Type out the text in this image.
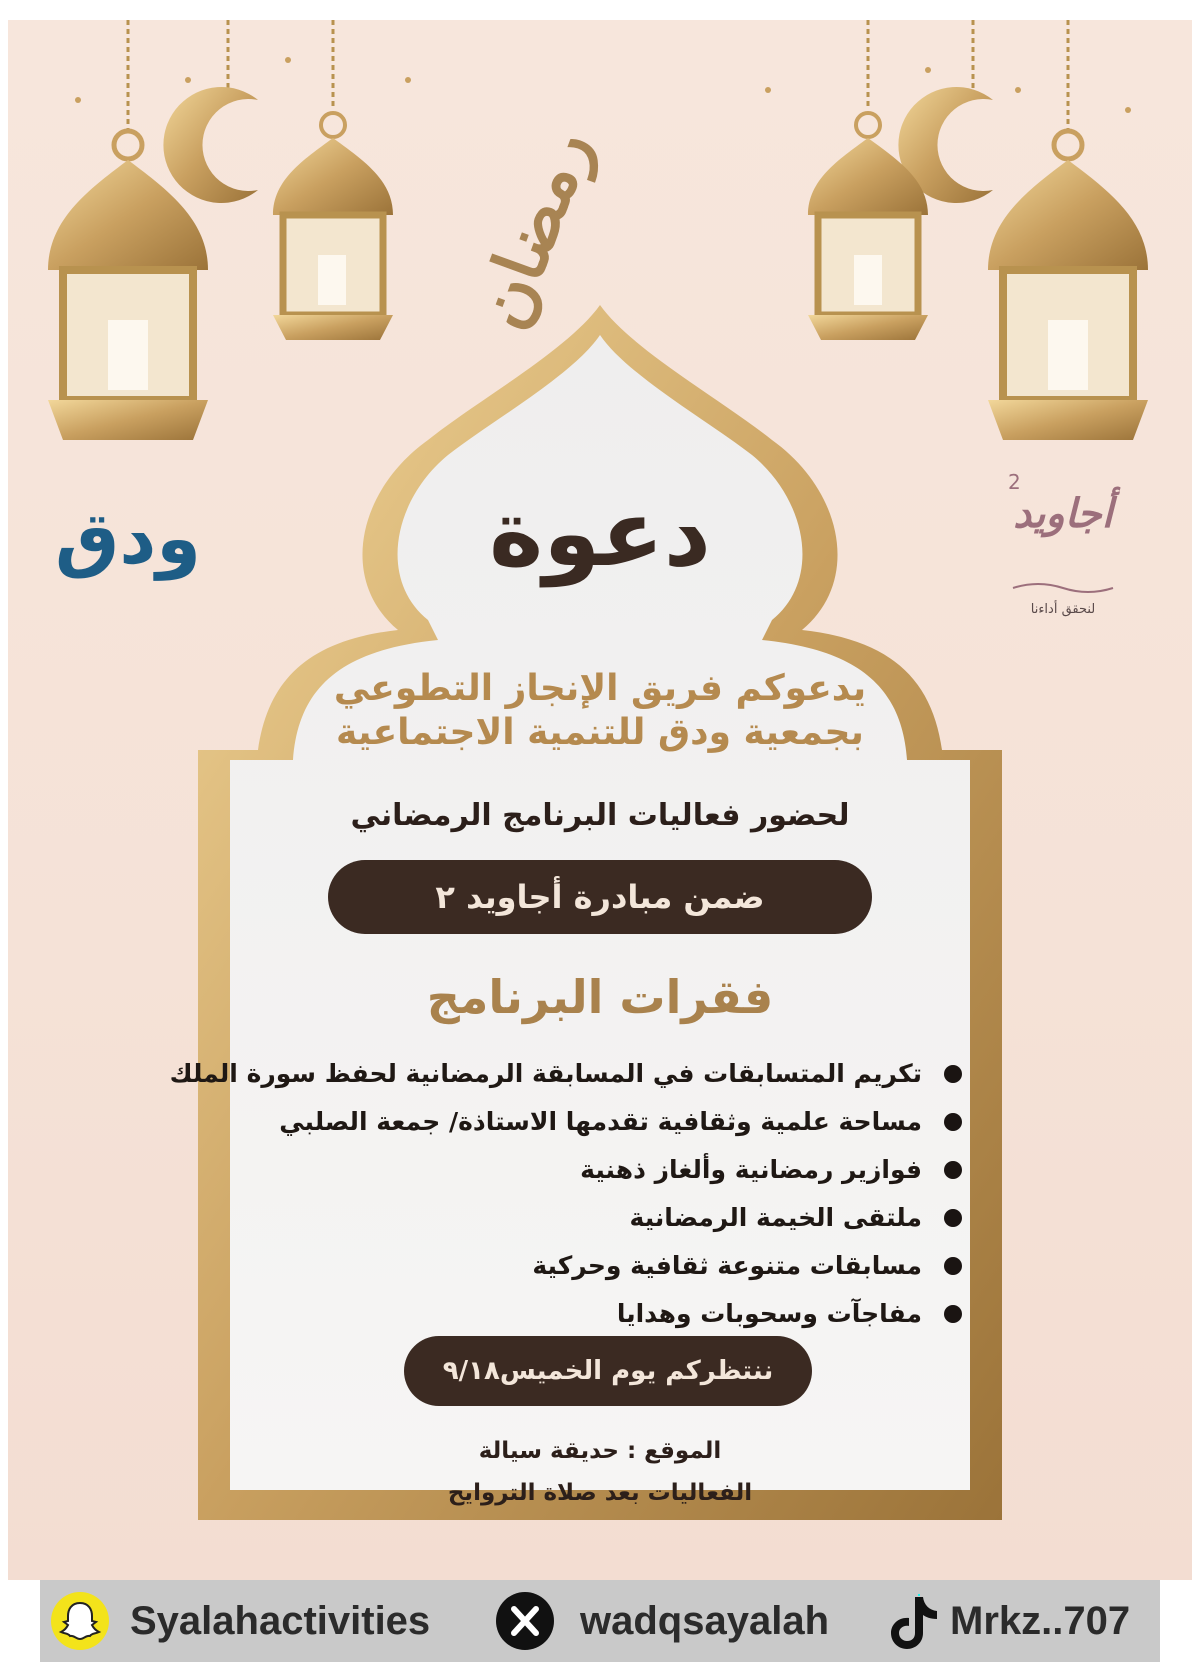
رمضان
ودق
2
أجاويد
لنحقق أداءنا
دعوة
يدعوكم فريق الإنجاز التطوعي
بجمعية ودق للتنمية الاجتماعية
لحضور فعاليات البرنامج الرمضاني
ضمن مبادرة أجاويد ٢
فقرات البرنامج
تكريم المتسابقات في المسابقة الرمضانية لحفظ سورة الملك
مساحة علمية وثقافية تقدمها الاستاذة/ جمعة الصلبي
فوازير رمضانية وألغاز ذهنية
ملتقى الخيمة الرمضانية
مسابقات متنوعة ثقافية وحركية
مفاجآت وسحوبات وهدايا
ننتظركم يوم الخميس٩/١٨
الموقع : حديقة سيالة
الفعاليات بعد صلاة التروايح
Syalahactivities	wadqsayalah	Mrkz..707
